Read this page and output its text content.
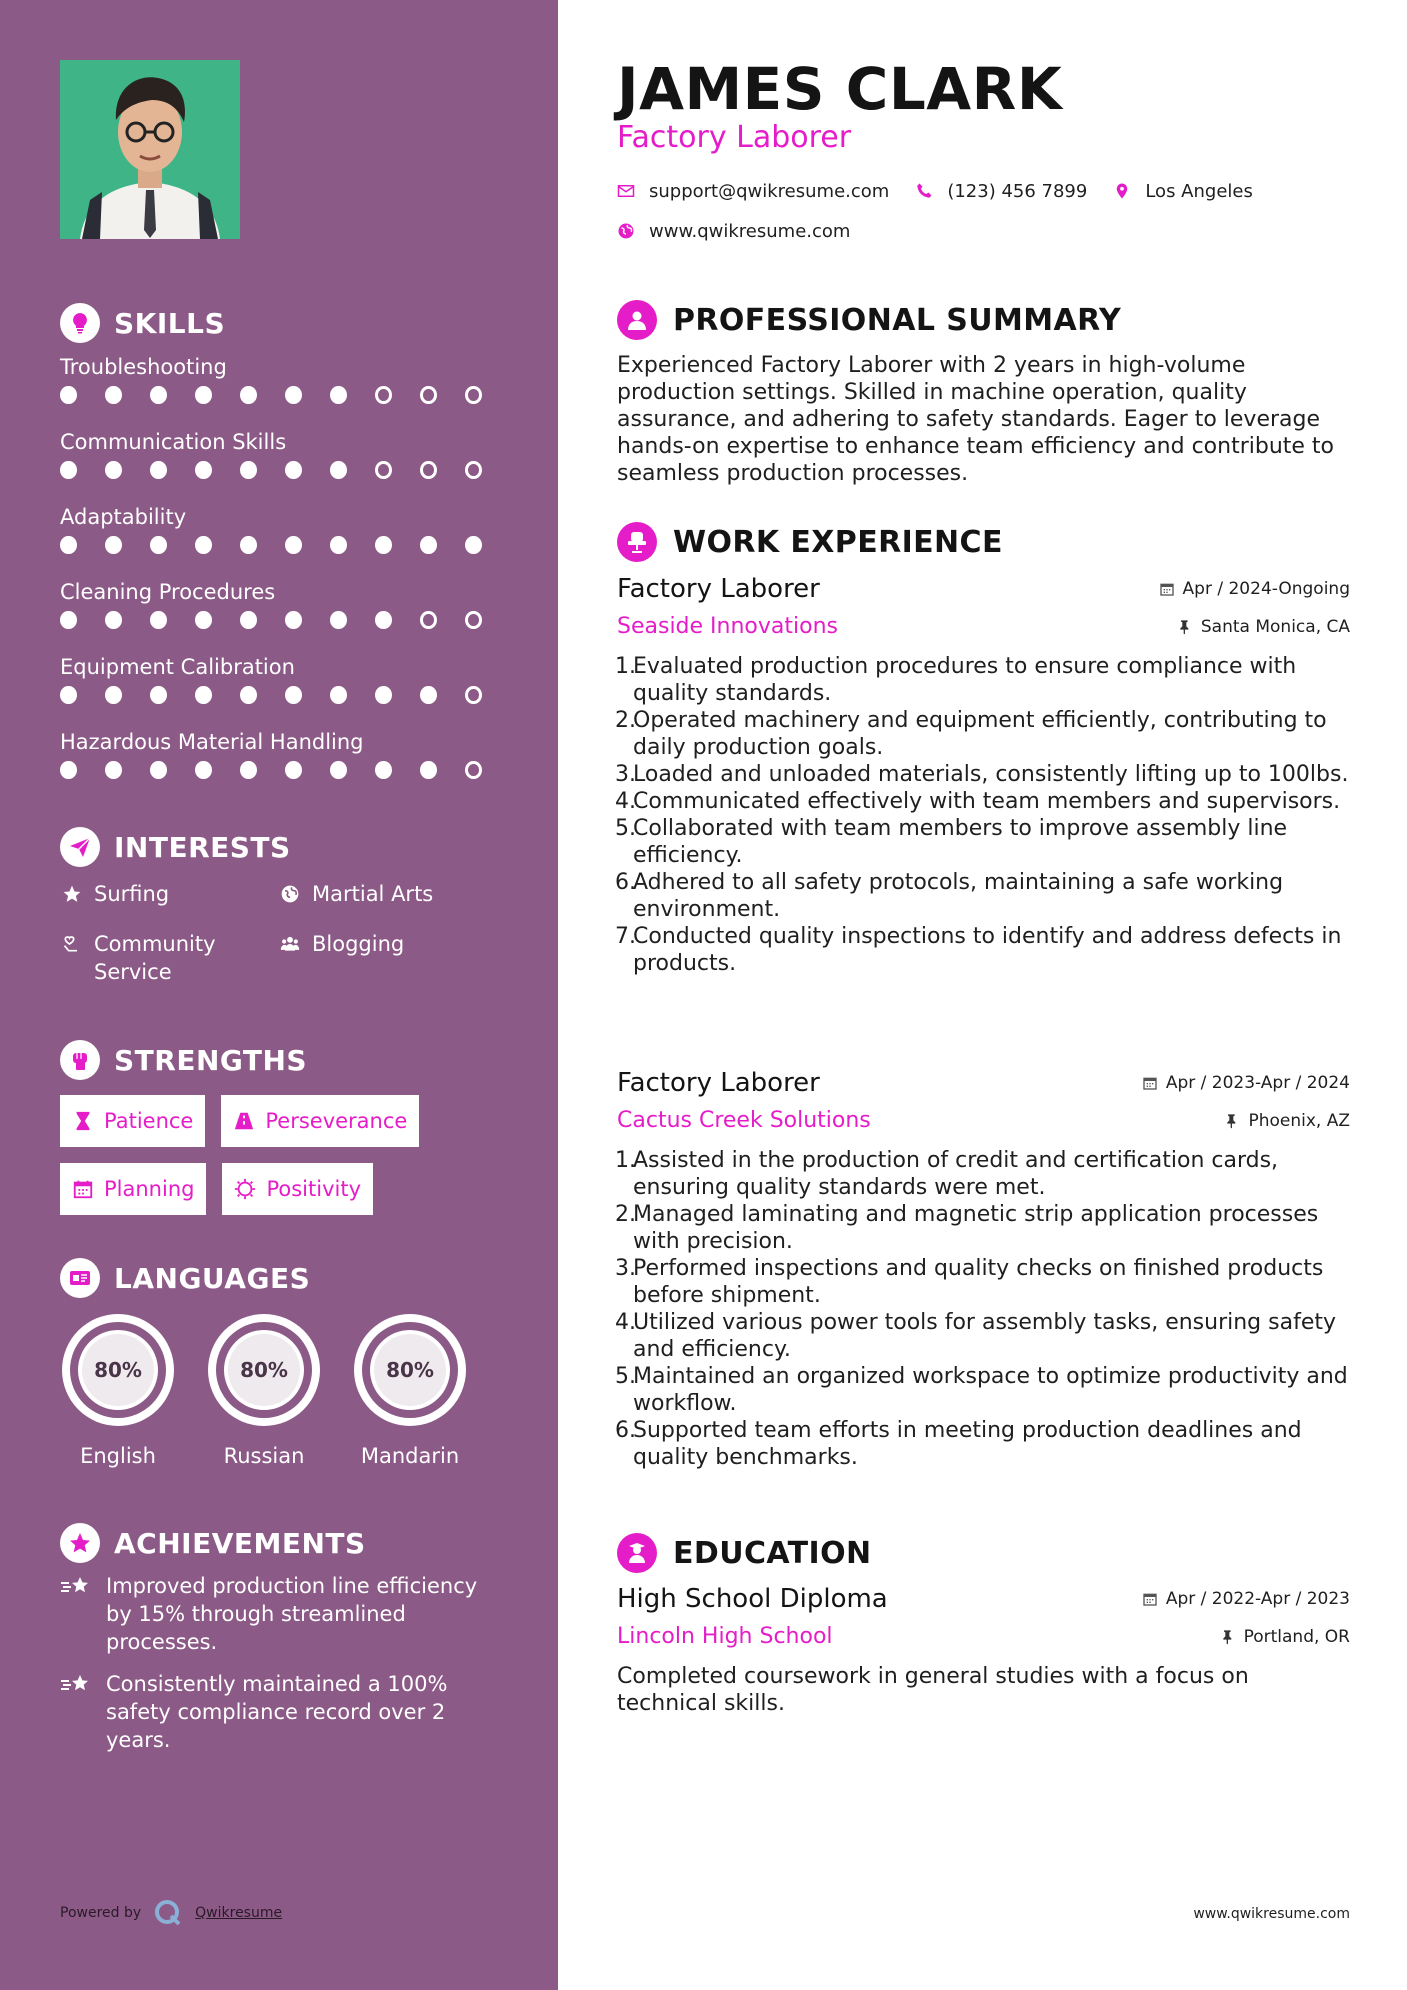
SKILLS
Troubleshooting
Communication Skills
Adaptability
Cleaning Procedures
Equipment Calibration
Hazardous Material Handling
INTERESTS
Surfing	Martial Arts
Community Service
Blogging
STRENGTHS
Patience	Perseverance
Planning	Positivity
LANGUAGES
80%
English
80%
Russian
80%
Mandarin
ACHIEVEMENTS
Improved production line efficiency by 15% through streamlined processes.
Consistently maintained a 100% safety compliance record over 2 years.
Powered by	Qwikresume
JAMES CLARK
Factory Laborer
support@qwikresume.com	(123) 456 7899	Los Angeles
www.qwikresume.com
PROFESSIONAL SUMMARY
Experienced Factory Laborer with 2 years in high-volume production settings. Skilled in machine operation, quality assurance, and adhering to safety standards. Eager to leverage hands-on expertise to enhance team efficiency and contribute to seamless production processes.
WORK EXPERIENCE
Factory Laborer	Apr / 2024-Ongoing
Seaside Innovations	Santa Monica, CA
1.
Evaluated production procedures to ensure compliance with quality standards.
2.
Operated machinery and equipment efficiently, contributing to daily production goals.
3.
Loaded and unloaded materials, consistently lifting up to 100lbs.
4.
Communicated effectively with team members and supervisors.
5.
Collaborated with team members to improve assembly line efficiency.
6.
Adhered to all safety protocols, maintaining a safe working environment.
7.
Conducted quality inspections to identify and address defects in products.
Factory Laborer	Apr / 2023-Apr / 2024
Cactus Creek Solutions	Phoenix, AZ
1.
Assisted in the production of credit and certification cards, ensuring quality standards were met.
2.
Managed laminating and magnetic strip application processes with precision.
3.
Performed inspections and quality checks on finished products before shipment.
4.
Utilized various power tools for assembly tasks, ensuring safety and efficiency.
5.
Maintained an organized workspace to optimize productivity and workflow.
6.
Supported team efforts in meeting production deadlines and quality benchmarks.
EDUCATION
High School Diploma	Apr / 2022-Apr / 2023
Lincoln High School	Portland, OR
Completed coursework in general studies with a focus on technical skills.
www.qwikresume.com
